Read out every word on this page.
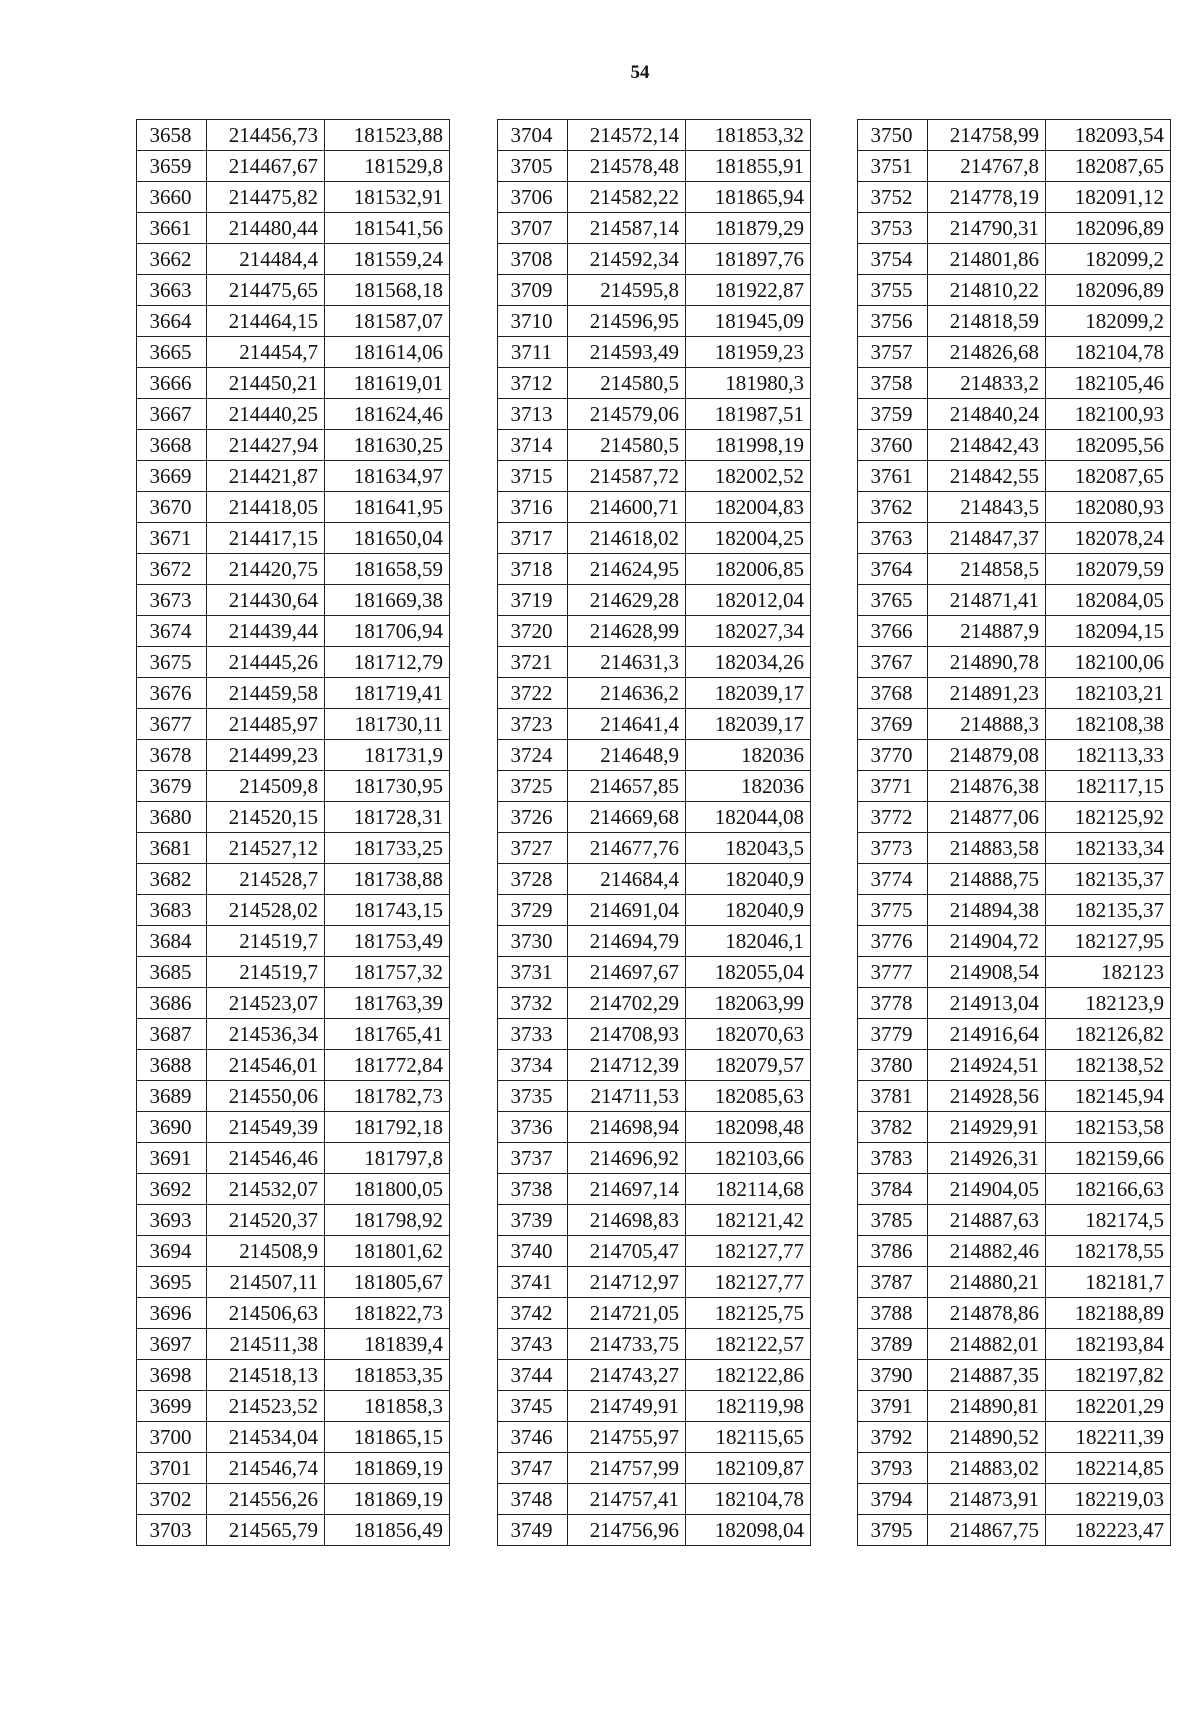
54
3658	214456,73	181523,88
3659	214467,67	181529,8
3660	214475,82	181532,91
3661	214480,44	181541,56
3662	214484,4	181559,24
3663	214475,65	181568,18
3664	214464,15	181587,07
3665	214454,7	181614,06
3666	214450,21	181619,01
3667	214440,25	181624,46
3668	214427,94	181630,25
3669	214421,87	181634,97
3670	214418,05	181641,95
3671	214417,15	181650,04
3672	214420,75	181658,59
3673	214430,64	181669,38
3674	214439,44	181706,94
3675	214445,26	181712,79
3676	214459,58	181719,41
3677	214485,97	181730,11
3678	214499,23	181731,9
3679	214509,8	181730,95
3680	214520,15	181728,31
3681	214527,12	181733,25
3682	214528,7	181738,88
3683	214528,02	181743,15
3684	214519,7	181753,49
3685	214519,7	181757,32
3686	214523,07	181763,39
3687	214536,34	181765,41
3688	214546,01	181772,84
3689	214550,06	181782,73
3690	214549,39	181792,18
3691	214546,46	181797,8
3692	214532,07	181800,05
3693	214520,37	181798,92
3694	214508,9	181801,62
3695	214507,11	181805,67
3696	214506,63	181822,73
3697	214511,38	181839,4
3698	214518,13	181853,35
3699	214523,52	181858,3
3700	214534,04	181865,15
3701	214546,74	181869,19
3702	214556,26	181869,19
3703	214565,79	181856,49
3704	214572,14	181853,32
3705	214578,48	181855,91
3706	214582,22	181865,94
3707	214587,14	181879,29
3708	214592,34	181897,76
3709	214595,8	181922,87
3710	214596,95	181945,09
3711	214593,49	181959,23
3712	214580,5	181980,3
3713	214579,06	181987,51
3714	214580,5	181998,19
3715	214587,72	182002,52
3716	214600,71	182004,83
3717	214618,02	182004,25
3718	214624,95	182006,85
3719	214629,28	182012,04
3720	214628,99	182027,34
3721	214631,3	182034,26
3722	214636,2	182039,17
3723	214641,4	182039,17
3724	214648,9	182036
3725	214657,85	182036
3726	214669,68	182044,08
3727	214677,76	182043,5
3728	214684,4	182040,9
3729	214691,04	182040,9
3730	214694,79	182046,1
3731	214697,67	182055,04
3732	214702,29	182063,99
3733	214708,93	182070,63
3734	214712,39	182079,57
3735	214711,53	182085,63
3736	214698,94	182098,48
3737	214696,92	182103,66
3738	214697,14	182114,68
3739	214698,83	182121,42
3740	214705,47	182127,77
3741	214712,97	182127,77
3742	214721,05	182125,75
3743	214733,75	182122,57
3744	214743,27	182122,86
3745	214749,91	182119,98
3746	214755,97	182115,65
3747	214757,99	182109,87
3748	214757,41	182104,78
3749	214756,96	182098,04
3750	214758,99	182093,54
3751	214767,8	182087,65
3752	214778,19	182091,12
3753	214790,31	182096,89
3754	214801,86	182099,2
3755	214810,22	182096,89
3756	214818,59	182099,2
3757	214826,68	182104,78
3758	214833,2	182105,46
3759	214840,24	182100,93
3760	214842,43	182095,56
3761	214842,55	182087,65
3762	214843,5	182080,93
3763	214847,37	182078,24
3764	214858,5	182079,59
3765	214871,41	182084,05
3766	214887,9	182094,15
3767	214890,78	182100,06
3768	214891,23	182103,21
3769	214888,3	182108,38
3770	214879,08	182113,33
3771	214876,38	182117,15
3772	214877,06	182125,92
3773	214883,58	182133,34
3774	214888,75	182135,37
3775	214894,38	182135,37
3776	214904,72	182127,95
3777	214908,54	182123
3778	214913,04	182123,9
3779	214916,64	182126,82
3780	214924,51	182138,52
3781	214928,56	182145,94
3782	214929,91	182153,58
3783	214926,31	182159,66
3784	214904,05	182166,63
3785	214887,63	182174,5
3786	214882,46	182178,55
3787	214880,21	182181,7
3788	214878,86	182188,89
3789	214882,01	182193,84
3790	214887,35	182197,82
3791	214890,81	182201,29
3792	214890,52	182211,39
3793	214883,02	182214,85
3794	214873,91	182219,03
3795	214867,75	182223,47
